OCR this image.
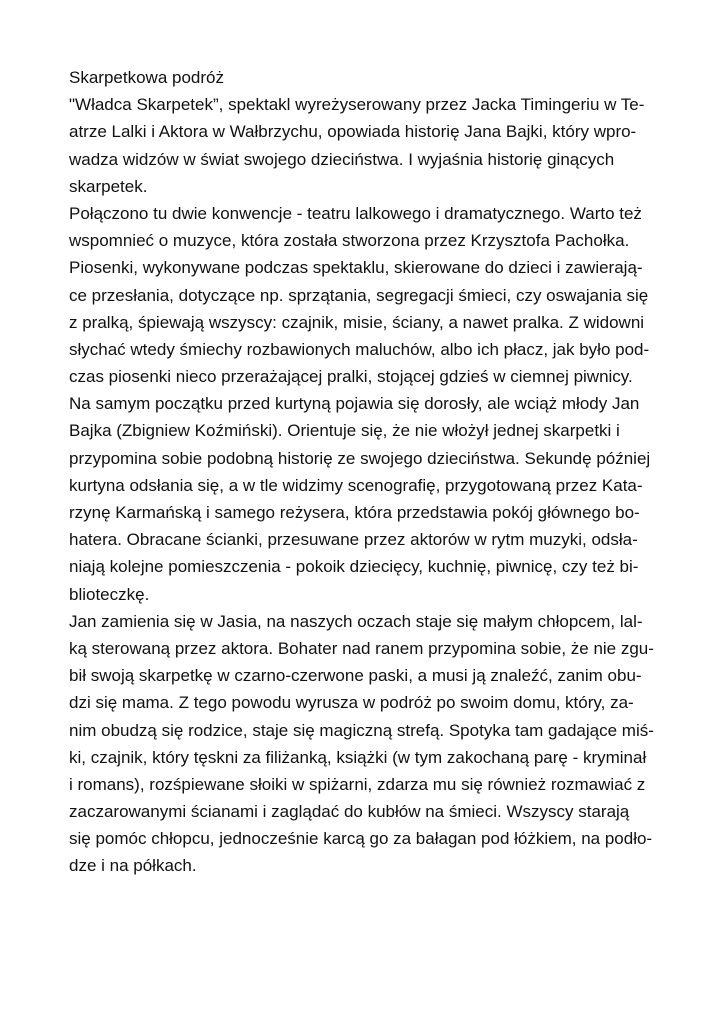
Skarpetkowa podróż
"Władca Skarpetek”, spektakl wyreżyserowany przez Jacka Timingeriu w Te-
atrze Lalki i Aktora w Wałbrzychu, opowiada historię Jana Bajki, który wpro-
wadza widzów w świat swojego dzieciństwa. I wyjaśnia historię ginących
skarpetek.
Połączono tu dwie konwencje - teatru lalkowego i dramatycznego. Warto też
wspomnieć o muzyce, która została stworzona przez Krzysztofa Pachołka.
Piosenki, wykonywane podczas spektaklu, skierowane do dzieci i zawierają-
ce przesłania, dotyczące np. sprzątania, segregacji śmieci, czy oswajania się
z pralką, śpiewają wszyscy: czajnik, misie, ściany, a nawet pralka. Z widowni
słychać wtedy śmiechy rozbawionych maluchów, albo ich płacz, jak było pod-
czas piosenki nieco przerażającej pralki, stojącej gdzieś w ciemnej piwnicy.
Na samym początku przed kurtyną pojawia się dorosły, ale wciąż młody Jan
Bajka (Zbigniew Koźmiński). Orientuje się, że nie włożył jednej skarpetki i
przypomina sobie podobną historię ze swojego dzieciństwa. Sekundę później
kurtyna odsłania się, a w tle widzimy scenografię, przygotowaną przez Kata-
rzynę Karmańską i samego reżysera, która przedstawia pokój głównego bo-
hatera. Obracane ścianki, przesuwane przez aktorów w rytm muzyki, odsła-
niają kolejne pomieszczenia - pokoik dziecięcy, kuchnię, piwnicę, czy też bi-
blioteczkę.
Jan zamienia się w Jasia, na naszych oczach staje się małym chłopcem, lal-
ką sterowaną przez aktora. Bohater nad ranem przypomina sobie, że nie zgu-
bił swoją skarpetkę w czarno-czerwone paski, a musi ją znaleźć, zanim obu-
dzi się mama. Z tego powodu wyrusza w podróż po swoim domu, który, za-
nim obudzą się rodzice, staje się magiczną strefą. Spotyka tam gadające miś-
ki, czajnik, który tęskni za filiżanką, książki (w tym zakochaną parę - kryminał
i romans), rozśpiewane słoiki w spiżarni, zdarza mu się również rozmawiać z
zaczarowanymi ścianami i zaglądać do kubłów na śmieci. Wszyscy starają
się pomóc chłopcu, jednocześnie karcą go za bałagan pod łóżkiem, na podło-
dze i na półkach.
